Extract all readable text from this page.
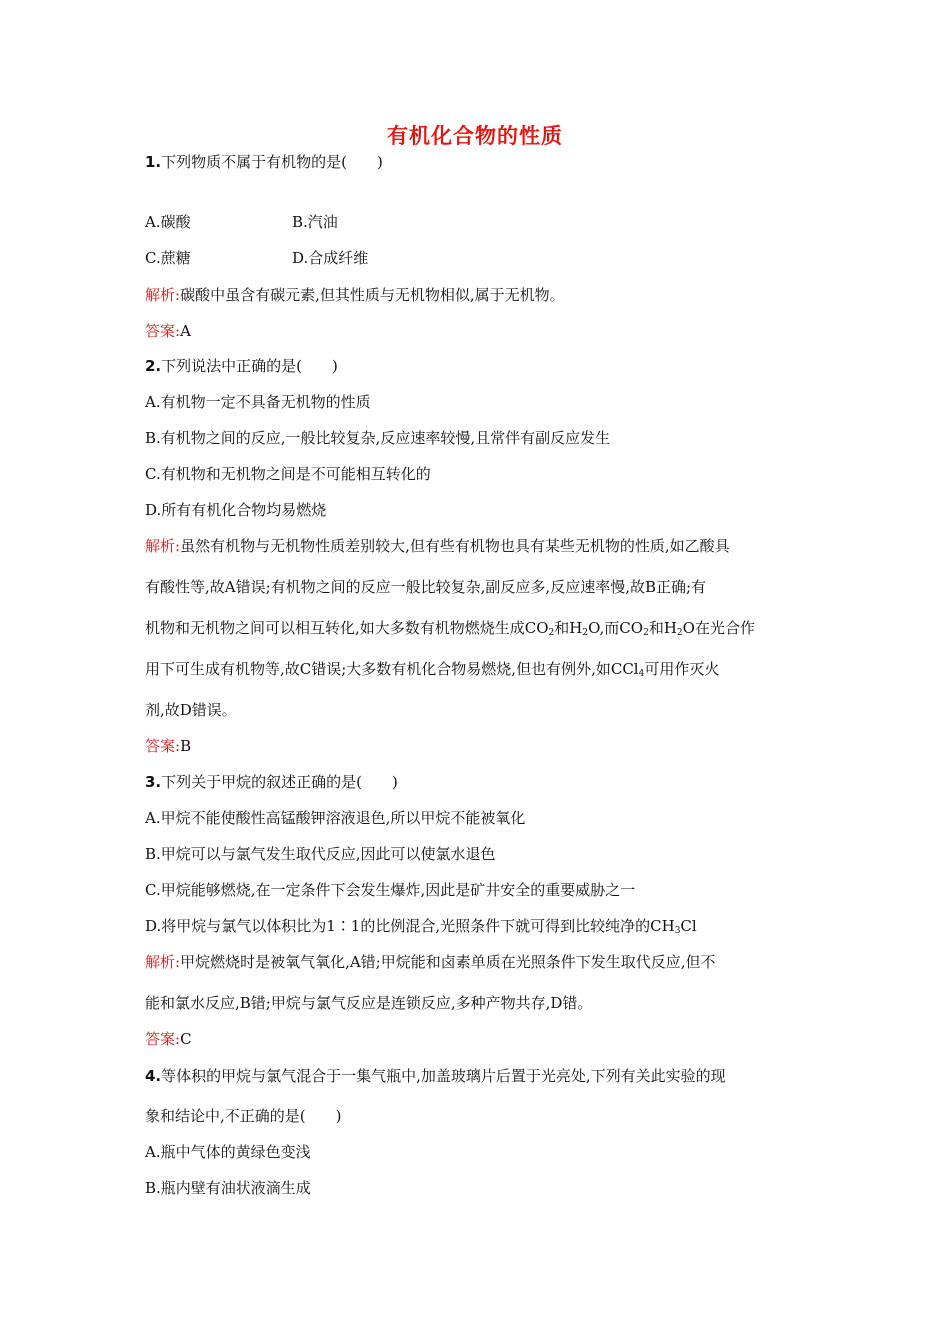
有机化合物的性质
1.下列物质不属于有机物的是(　　)
A.碳酸	B.汽油
C.蔗糖	D.合成纤维
解析:碳酸中虽含有碳元素,但其性质与无机物相似,属于无机物。
答案:A
2.下列说法中正确的是(　　)
A.有机物一定不具备无机物的性质
B.有机物之间的反应,一般比较复杂,反应速率较慢,且常伴有副反应发生
C.有机物和无机物之间是不可能相互转化的
D.所有有机化合物均易燃烧
解析:虽然有机物与无机物性质差别较大,但有些有机物也具有某些无机物的性质,如乙酸具
有酸性等,故A错误;有机物之间的反应一般比较复杂,副反应多,反应速率慢,故B正确;有
机物和无机物之间可以相互转化,如大多数有机物燃烧生成$CO_2$和$H_2O$,而$CO_2$和$H_2O$在光合作
用下可生成有机物等,故C错误;大多数有机化合物易燃烧,但也有例外,如CCl$_4$可用作灭火
剂,故D错误。
答案:B
3.下列关于甲烷的叙述正确的是(　　)
A.甲烷不能使酸性高锰酸钾溶液退色,所以甲烷不能被氧化
B.甲烷可以与氯气发生取代反应,因此可以使氯水退色
C.甲烷能够燃烧,在一定条件下会发生爆炸,因此是矿井安全的重要威胁之一
D.将甲烷与氯气以体积比为1∶1的比例混合,光照条件下就可得到比较纯净的$CH_3Cl$
解析:甲烷燃烧时是被氧气氧化,A错;甲烷能和卤素单质在光照条件下发生取代反应,但不
能和氯水反应,B错;甲烷与氯气反应是连锁反应,多种产物共存,D错。
答案:C
4.等体积的甲烷与氯气混合于一集气瓶中,加盖玻璃片后置于光亮处,下列有关此实验的现
象和结论中,不正确的是(　　)
A.瓶中气体的黄绿色变浅
B.瓶内壁有油状液滴生成
